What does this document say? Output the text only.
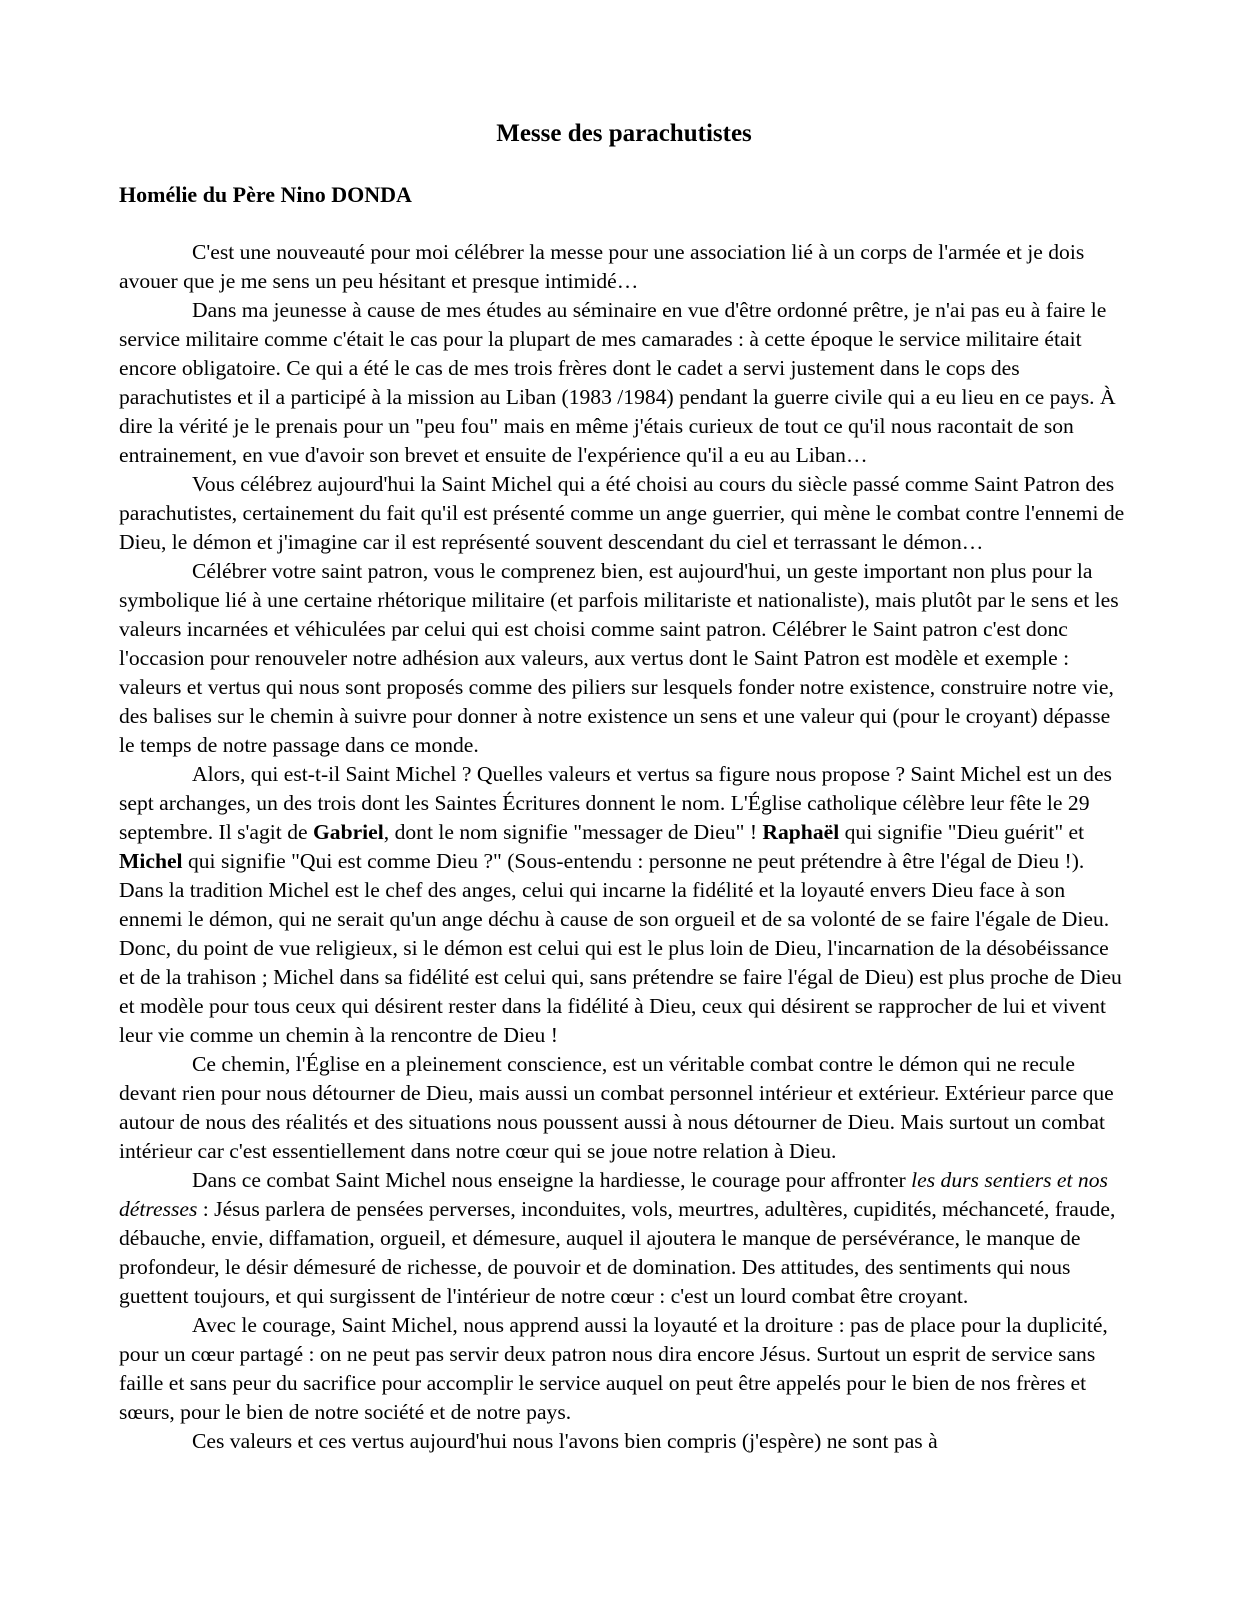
Messe des parachutistes
Homélie du Père Nino DONDA

C'est une nouveauté pour moi célébrer la messe pour une association lié à un corps de l'armée et je dois avouer que je me sens un peu hésitant et presque intimidé…

Dans ma jeunesse à cause de mes études au séminaire en vue d'être ordonné prêtre, je n'ai pas eu à faire le service militaire comme c'était le cas pour la plupart de mes camarades : à cette époque le service militaire était encore obligatoire. Ce qui a été le cas de mes trois frères dont le cadet a servi justement dans le cops des parachutistes et il a participé à la mission au Liban (1983 /1984) pendant la guerre civile qui a eu lieu en ce pays. À dire la vérité je le prenais pour un "peu fou" mais en même j'étais curieux de tout ce qu'il nous racontait de son entrainement, en vue d'avoir son brevet et ensuite de l'expérience qu'il a eu au Liban…

Vous célébrez aujourd'hui la Saint Michel qui a été choisi au cours du siècle passé comme Saint Patron des parachutistes, certainement du fait qu'il est présenté comme un ange guerrier, qui mène le combat contre l'ennemi de Dieu, le démon et j'imagine car il est représenté souvent descendant du ciel et terrassant le démon…

Célébrer votre saint patron, vous le comprenez bien, est aujourd'hui, un geste important non plus pour la symbolique lié à une certaine rhétorique militaire (et parfois militariste et nationaliste), mais plutôt par le sens et les valeurs incarnées et véhiculées par celui qui est choisi comme saint patron. Célébrer le Saint patron c'est donc l'occasion pour renouveler notre adhésion aux valeurs, aux vertus dont le Saint Patron est modèle et exemple : valeurs et vertus qui nous sont proposés comme des piliers sur lesquels fonder notre existence, construire notre vie, des balises sur le chemin à suivre pour donner à notre existence un sens et une valeur qui (pour le croyant) dépasse le temps de notre passage dans ce monde.

Alors, qui est-t-il Saint Michel ? Quelles valeurs et vertus sa figure nous propose ? Saint Michel est un des sept archanges, un des trois dont les Saintes Écritures donnent le nom. L'Église catholique célèbre leur fête le 29 septembre. Il s'agit de Gabriel, dont le nom signifie "messager de Dieu" ! Raphaël qui signifie "Dieu guérit" et Michel qui signifie "Qui est comme Dieu ?" (Sous-entendu : personne ne peut prétendre à être l'égal de Dieu !). Dans la tradition Michel est le chef des anges, celui qui incarne la fidélité et la loyauté envers Dieu face à son ennemi le démon, qui ne serait qu'un ange déchu à cause de son orgueil et de sa volonté de se faire l'égale de Dieu. Donc, du point de vue religieux, si le démon est celui qui est le plus loin de Dieu, l'incarnation de la désobéissance et de la trahison ; Michel dans sa fidélité est celui qui, sans prétendre se faire l'égal de Dieu) est plus proche de Dieu et modèle pour tous ceux qui désirent rester dans la fidélité à Dieu, ceux qui désirent se rapprocher de lui et vivent leur vie comme un chemin à la rencontre de Dieu !

Ce chemin, l'Église en a pleinement conscience, est un véritable combat contre le démon qui ne recule devant rien pour nous détourner de Dieu, mais aussi un combat personnel intérieur et extérieur. Extérieur parce que autour de nous des réalités et des situations nous poussent aussi à nous détourner de Dieu. Mais surtout un combat intérieur car c'est essentiellement dans notre cœur qui se joue notre relation à Dieu.

Dans ce combat Saint Michel nous enseigne la hardiesse, le courage pour affronter les durs sentiers et nos détresses : Jésus parlera de pensées perverses, inconduites, vols, meurtres, adultères, cupidités, méchanceté, fraude, débauche, envie, diffamation, orgueil, et démesure, auquel il ajoutera le manque de persévérance, le manque de profondeur, le désir démesuré de richesse, de pouvoir et de domination. Des attitudes, des sentiments qui nous guettent toujours, et qui surgissent de l'intérieur de notre cœur : c'est un lourd combat être croyant.

Avec le courage, Saint Michel, nous apprend aussi la loyauté et la droiture : pas de place pour la duplicité, pour un cœur partagé : on ne peut pas servir deux patron nous dira encore Jésus. Surtout un esprit de service sans faille et sans peur du sacrifice pour accomplir le service auquel on peut être appelés pour le bien de nos frères et sœurs, pour le bien de notre société et de notre pays.

Ces valeurs et ces vertus aujourd'hui nous l'avons bien compris (j'espère) ne sont pas à
